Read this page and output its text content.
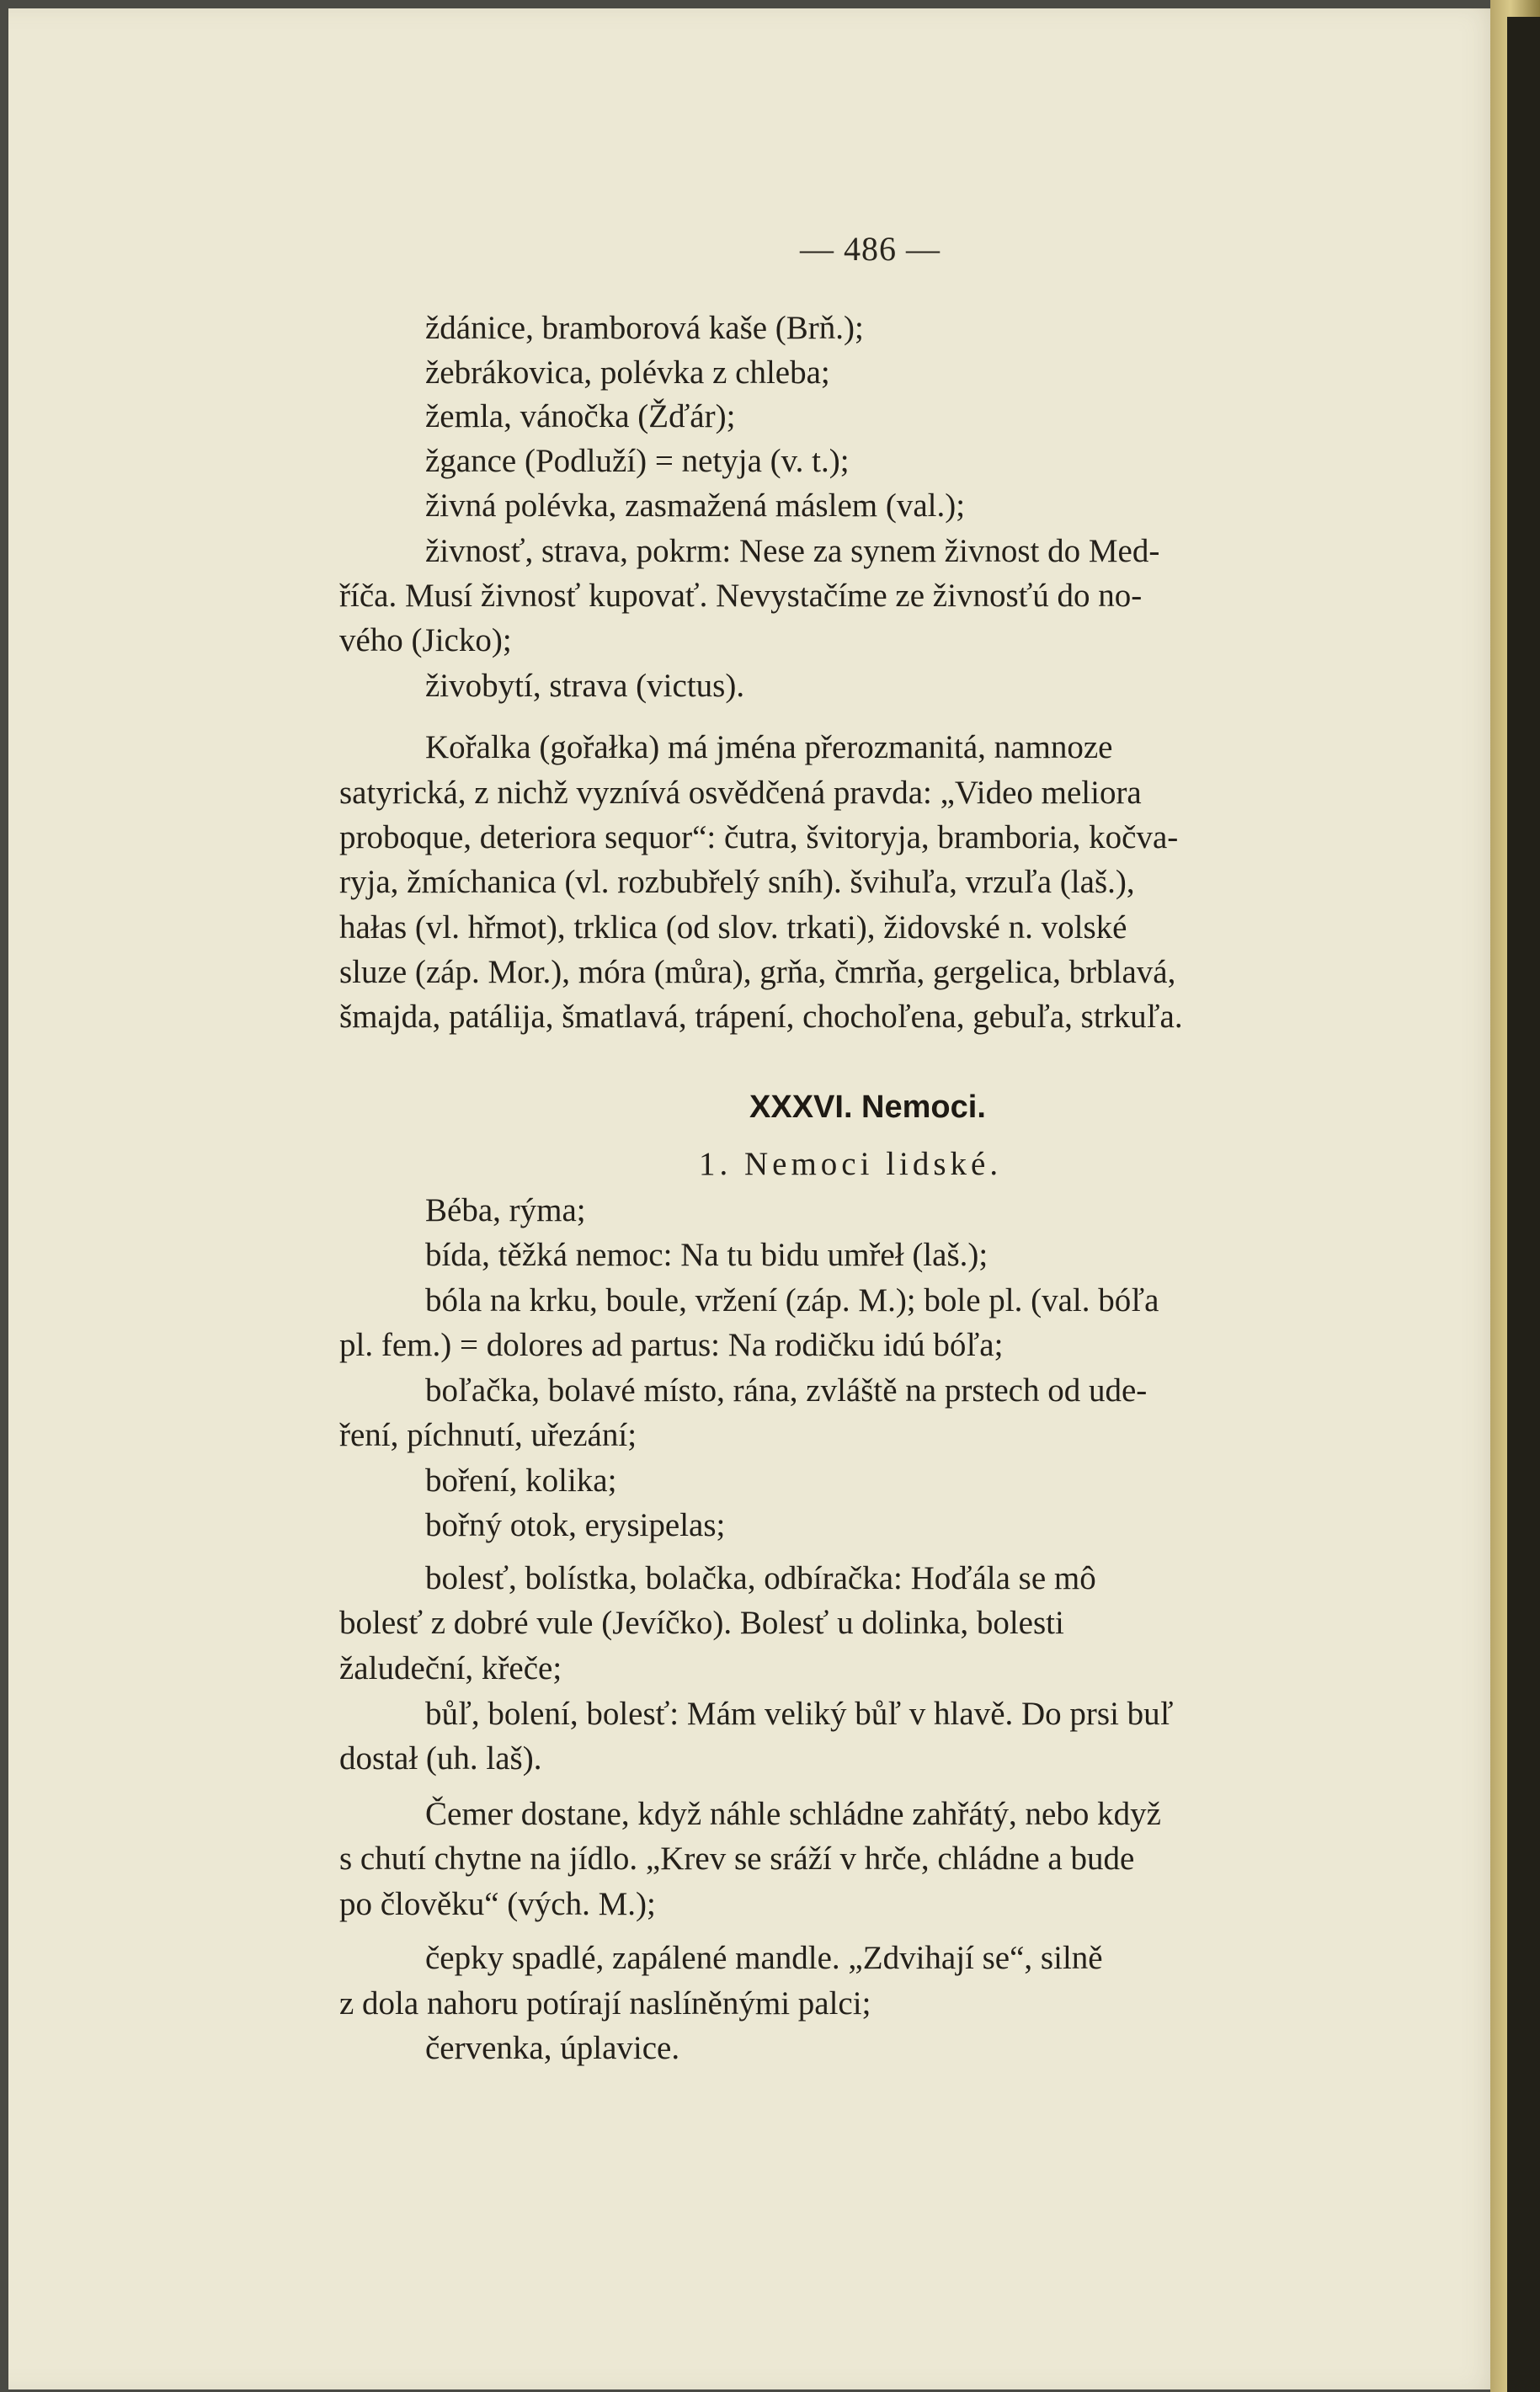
— 486 —
ždánice, bramborová kaše (Brň.);
žebrákovica, polévka z chleba;
žemla, vánočka (Žďár);
žgance (Podluží) = netyja (v. t.);
živná polévka, zasmažená máslem (val.);
živnosť, strava, pokrm: Nese za synem živnost do Med-
říča. Musí živnosť kupovať. Nevystačíme ze živnosťú do no-
vého (Jicko);
živobytí, strava (victus).
Kořalka (gořałka) má jména přerozmanitá, namnoze
satyrická, z nichž vyznívá osvědčená pravda: „Video meliora
proboque, deteriora sequor“: čutra, švitoryja, bramboria, kočva-
ryja, žmíchanica (vl. rozbubřelý sníh). švihuľa, vrzuľa (laš.),
hałas (vl. hřmot), trklica (od slov. trkati), židovské n. volské
sluze (záp. Mor.), móra (můra), grňa, čmrňa, gergelica, brblavá,
šmajda, patálija, šmatlavá, trápení, chochoľena, gebuľa, strkuľa.
XXXVI. Nemoci.
1. Nemoci lidské.
Béba, rýma;
bída, těžká nemoc: Na tu bidu umřeł (laš.);
bóla na krku, boule, vržení (záp. M.); bole pl. (val. bóľa
pl. fem.) = dolores ad partus: Na rodičku idú bóľa;
boľačka, bolavé místo, rána, zvláště na prstech od ude-
ření, píchnutí, uřezání;
boření, kolika;
bořný otok, erysipelas;
bolesť, bolístka, bolačka, odbíračka: Hoďála se mô
bolesť z dobré vule (Jevíčko). Bolesť u dolinka, bolesti
žaludeční, křeče;
bůľ, bolení, bolesť: Mám veliký bůľ v hlavě. Do prsi buľ
dostał (uh. laš).
Čemer dostane, když náhle schládne zahřátý, nebo když
s chutí chytne na jídlo. „Krev se sráží v hrče, chládne a bude
po člověku“ (vých. M.);
čepky spadlé, zapálené mandle. „Zdvihají se“, silně
z dola nahoru potírají naslíněnými palci;
červenka, úplavice.
